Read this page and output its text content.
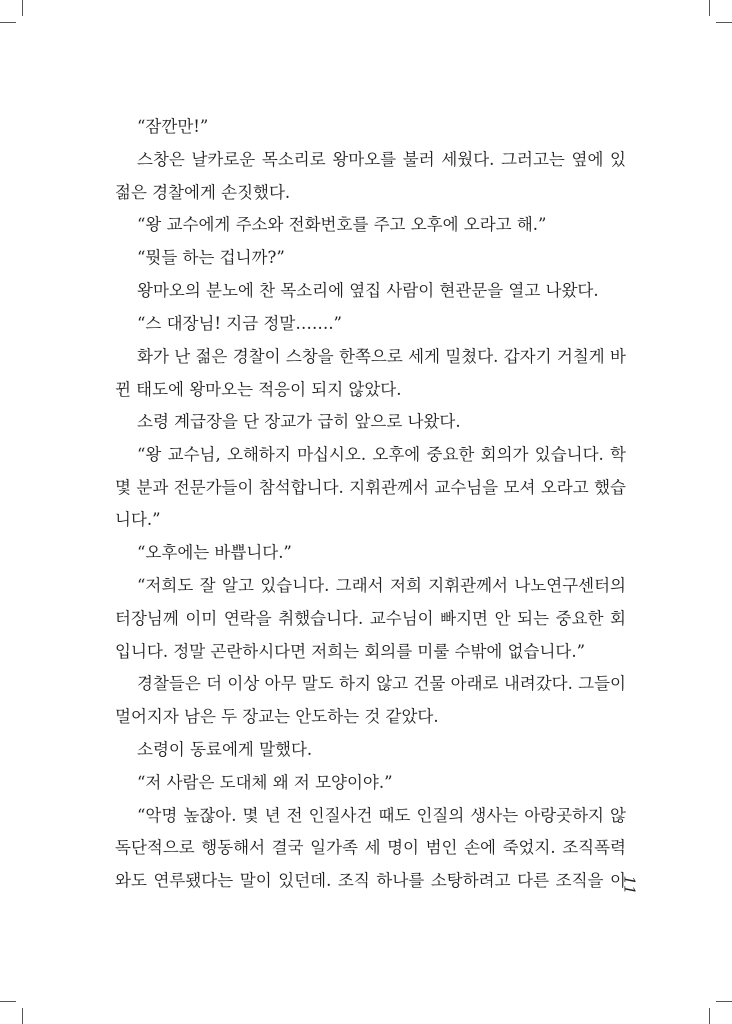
“잠깐만!”
스창은 날카로운 목소리로 왕마오를 불러 세웠다. 그러고는 옆에 있
젊은 경찰에게 손짓했다.
“왕 교수에게 주소와 전화번호를 주고 오후에 오라고 해.”
“뭣들 하는 겁니까?”
왕마오의 분노에 찬 목소리에 옆집 사람이 현관문을 열고 나왔다.
“스 대장님! 지금 정말…….”
화가 난 젊은 경찰이 스창을 한쪽으로 세게 밀쳤다. 갑자기 거칠게 바
뀐 태도에 왕마오는 적응이 되지 않았다.
소령 계급장을 단 장교가 급히 앞으로 나왔다.
“왕 교수님, 오해하지 마십시오. 오후에 중요한 회의가 있습니다. 학
몇 분과 전문가들이 참석합니다. 지휘관께서 교수님을 모셔 오라고 했습
니다.”
“오후에는 바쁩니다.”
“저희도 잘 알고 있습니다. 그래서 저희 지휘관께서 나노연구센터의
터장님께 이미 연락을 취했습니다. 교수님이 빠지면 안 되는 중요한 회
입니다. 정말 곤란하시다면 저희는 회의를 미룰 수밖에 없습니다.”
경찰들은 더 이상 아무 말도 하지 않고 건물 아래로 내려갔다. 그들이
멀어지자 남은 두 장교는 안도하는 것 같았다.
소령이 동료에게 말했다.
“저 사람은 도대체 왜 저 모양이야.”
“악명 높잖아. 몇 년 전 인질사건 때도 인질의 생사는 아랑곳하지 않
독단적으로 행동해서 결국 일가족 세 명이 범인 손에 죽었지. 조직폭력
와도 연루됐다는 말이 있던데. 조직 하나를 소탕하려고 다른 조직을 이
11
